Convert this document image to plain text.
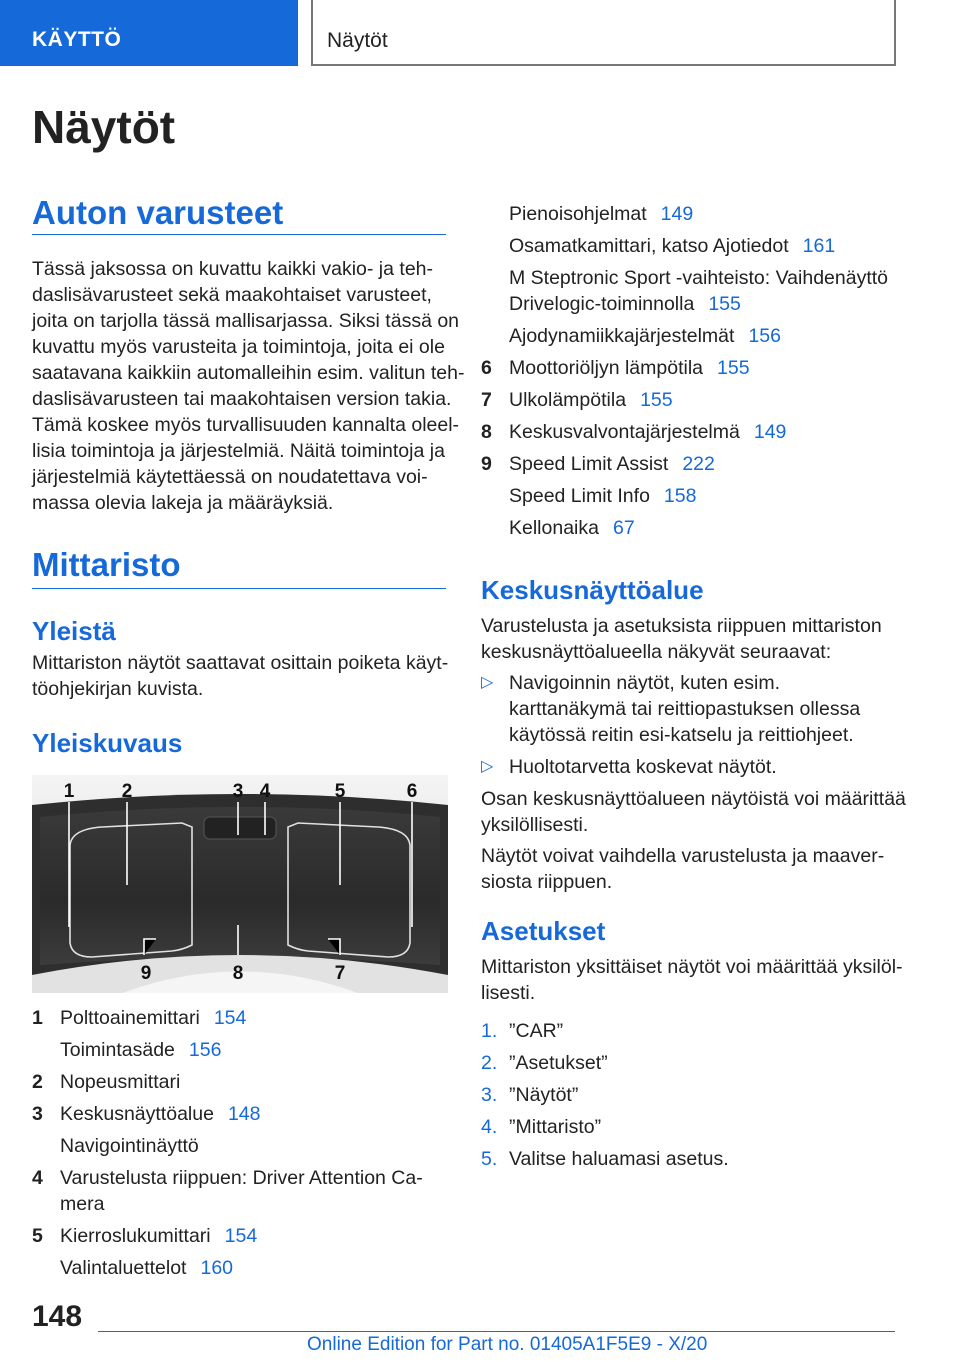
KÄYTTÖ	Näytöt
Näytöt
Auton varusteet
Tässä jaksossa on kuvattu kaikki vakio- ja teh-
daslisävarusteet sekä maakohtaiset varusteet,
joita on tarjolla tässä mallisarjassa. Siksi tässä on
kuvattu myös varusteita ja toimintoja, joita ei ole
saatavana kaikkiin automalleihin esim. valitun teh-
daslisävarusteen tai maakohtaisen version takia.
Tämä koskee myös turvallisuuden kannalta oleel-
lisia toimintoja ja järjestelmiä. Näitä toimintoja ja
järjestelmiä käytettäessä on noudatettava voi-
massa olevia lakeja ja määräyksiä.
Mittaristo
Yleistä
Mittariston näytöt saattavat osittain poiketa käyt-
töohjekirjan kuvista.
Yleiskuvaus
1 2	3 4	5	6
9	8	7
1 Polttoainemittari 154
Toimintasäde 156
2 Nopeusmittari
3 Keskusnäyttöalue 148
Navigointinäyttö
4 Varustelusta riippuen: Driver Attention Ca-
mera
5 Kierroslukumittari 154
Valintaluettelot 160
Pienoisohjelmat 149
Osamatkamittari, katso Ajotiedot 161
M Steptronic Sport -vaihteisto: Vaihdenäyttö
Drivelogic-toiminnolla 155
Ajodynamiikkajärjestelmät 156
6 Moottoriöljyn lämpötila 155
7 Ulkolämpötila 155
8 Keskusvalvontajärjestelmä 149
9 Speed Limit Assist 222
Speed Limit Info 158
Kellonaika 67
Keskusnäyttöalue
Varustelusta ja asetuksista riippuen mittariston
keskusnäyttöalueella näkyvät seuraavat:
▷ Navigoinnin näytöt, kuten esim. karttanäkymä tai reittiopastuksen ollessa käytössä reitin esi-katselu ja reittiohjeet.
▷ Huoltotarvetta koskevat näytöt.
Osan keskusnäyttöalueen näytöistä voi määrittää
yksilöllisesti.
Näytöt voivat vaihdella varustelusta ja maaver-
siosta riippuen.
Asetukset
Mittariston yksittäiset näytöt voi määrittää yksilöl-
lisesti.
1. ”CAR”
2. ”Asetukset”
3. ”Näytöt”
4. ”Mittaristo”
5. Valitse haluamasi asetus.
148
Online Edition for Part no. 01405A1F5E9 - X/20
